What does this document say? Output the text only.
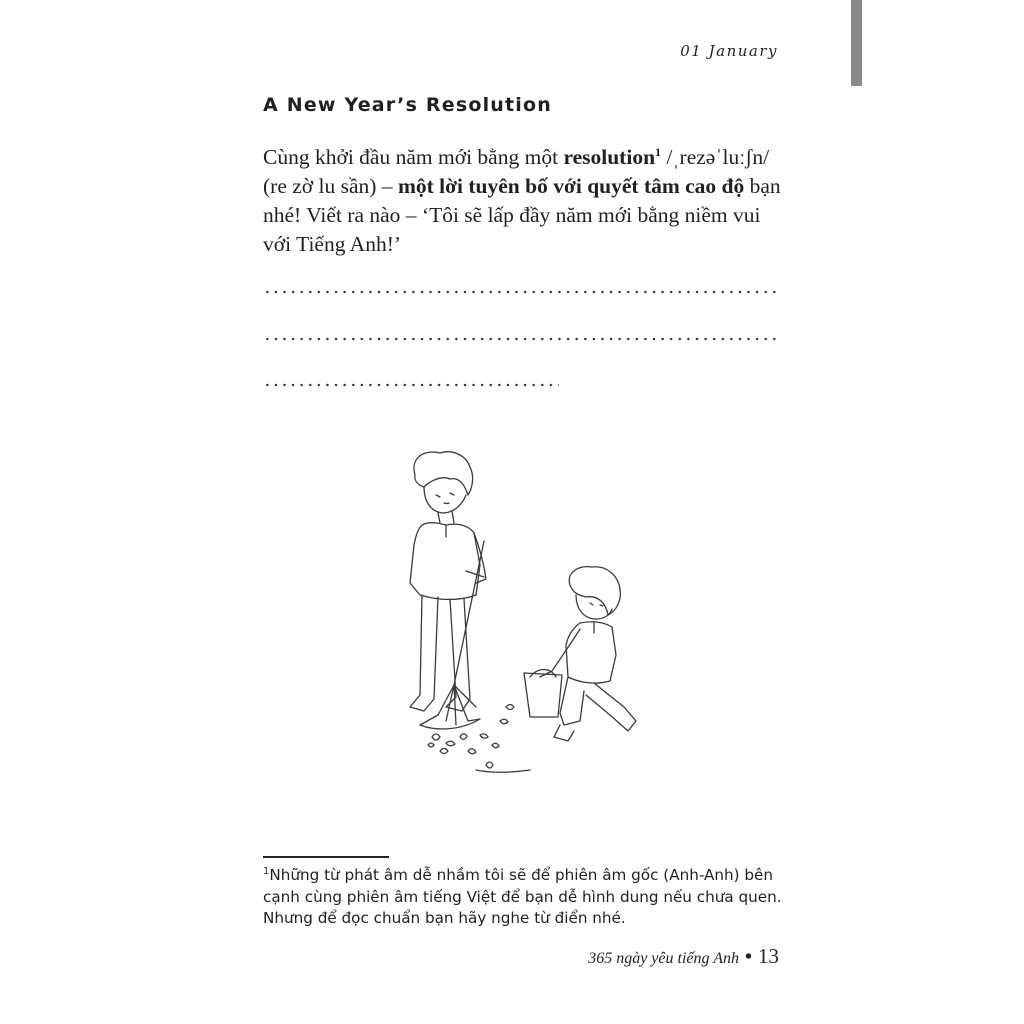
01 January
A New Year’s Resolution
Cùng khởi đầu năm mới bằng một resolution$^1$ /ˌrezəˈluːʃn/ (re zờ lu sần) – một lời tuyên bố với quyết tâm cao độ bạn nhé! Viết ra nào – ‘Tôi sẽ lấp đầy năm mới bằng niềm vui với Tiếng Anh!’
$^1$Những từ phát âm dễ nhầm tôi sẽ để phiên âm gốc (Anh-Anh) bên cạnh cùng phiên âm tiếng Việt để bạn dễ hình dung nếu chưa quen. Nhưng để đọc chuẩn bạn hãy nghe từ điển nhé.
365 ngày yêu tiếng Anh • 13
